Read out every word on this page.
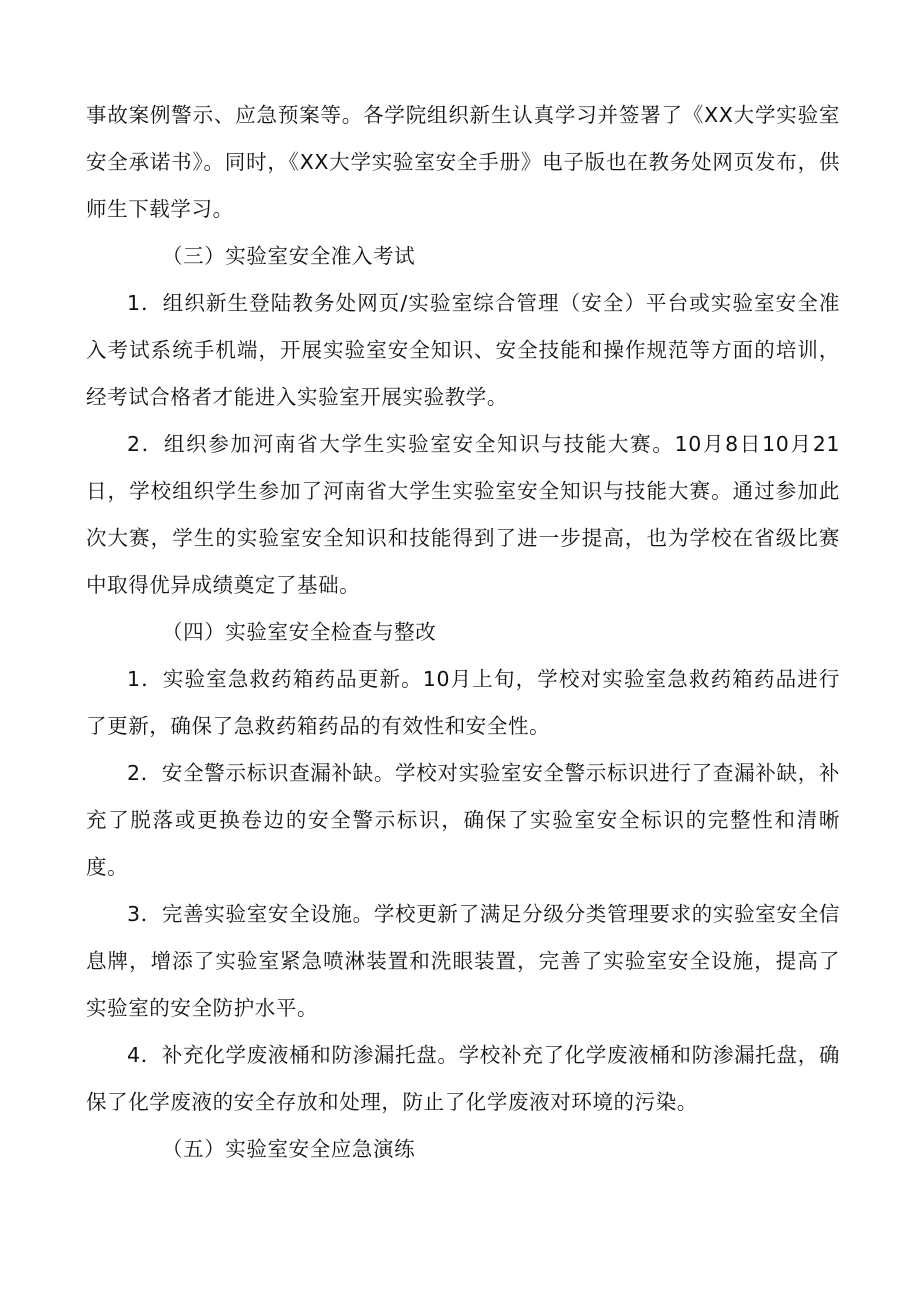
事故案例警示、应急预案等。各学院组织新生认真学习并签署了《XX大学实验室安全承诺书》。同时，《XX大学实验室安全手册》电子版也在教务处网页发布，供师生下载学习。

（三）实验室安全准入考试

1．组织新生登陆教务处网页/实验室综合管理（安全）平台或实验室安全准入考试系统手机端，开展实验室安全知识、安全技能和操作规范等方面的培训，经考试合格者才能进入实验室开展实验教学。

2．组织参加河南省大学生实验室安全知识与技能大赛。10月8日10月21日，学校组织学生参加了河南省大学生实验室安全知识与技能大赛。通过参加此次大赛，学生的实验室安全知识和技能得到了进一步提高，也为学校在省级比赛中取得优异成绩奠定了基础。

（四）实验室安全检查与整改

1．实验室急救药箱药品更新。10月上旬，学校对实验室急救药箱药品进行了更新，确保了急救药箱药品的有效性和安全性。

2．安全警示标识查漏补缺。学校对实验室安全警示标识进行了查漏补缺，补充了脱落或更换卷边的安全警示标识，确保了实验室安全标识的完整性和清晰度。

3．完善实验室安全设施。学校更新了满足分级分类管理要求的实验室安全信息牌，增添了实验室紧急喷淋装置和洗眼装置，完善了实验室安全设施，提高了实验室的安全防护水平。

4．补充化学废液桶和防渗漏托盘。学校补充了化学废液桶和防渗漏托盘，确保了化学废液的安全存放和处理，防止了化学废液对环境的污染。

（五）实验室安全应急演练
